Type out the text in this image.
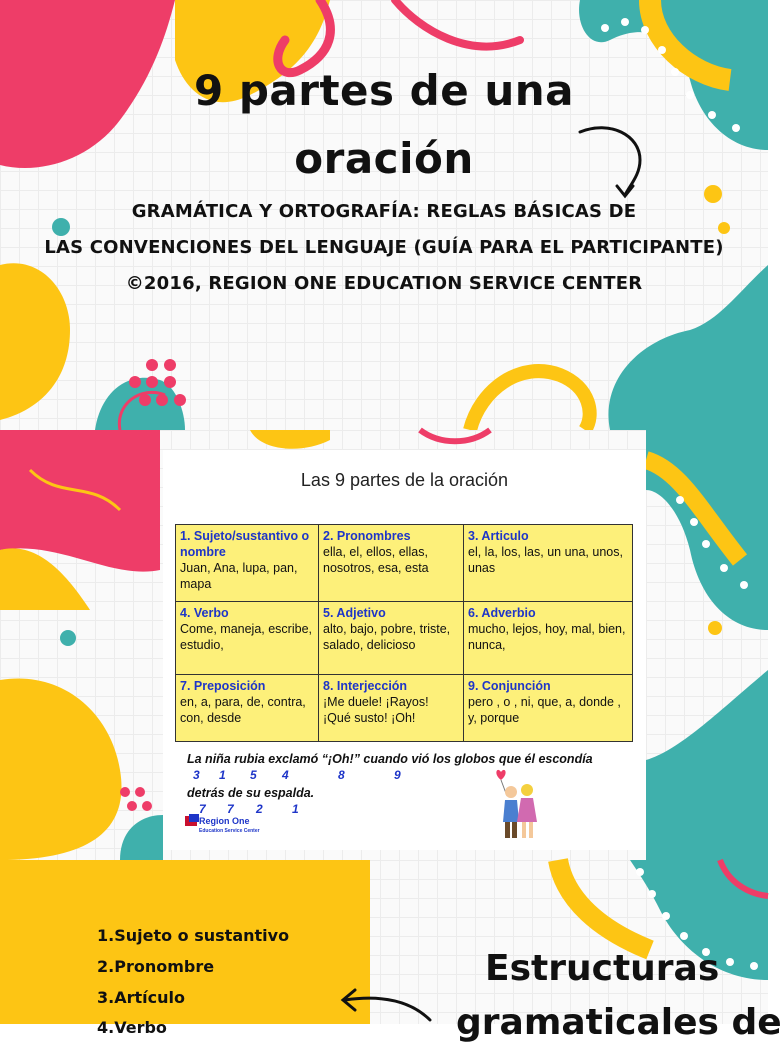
9 partes de una
oración
GRAMÁTICA Y ORTOGRAFÍA: REGLAS BÁSICAS DE
LAS CONVENCIONES DEL LENGUAJE (GUÍA PARA EL PARTICIPANTE)
©2016, REGION ONE EDUCATION SERVICE CENTER
Las 9 partes de la oración
1. Sujeto/sustantivo o nombre
Juan, Ana, lupa, pan, mapa	2. Pronombres
ella, el, ellos, ellas, nosotros, esa, esta	3. Articulo
el, la, los, las, un una, unos, unas

4. Verbo
Come, maneja, escribe, estudio,	5. Adjetivo
alto, bajo, pobre, triste, salado, delicioso	6. Adverbio
mucho, lejos, hoy, mal, bien, nunca,

7. Preposición
en, a, para, de, contra, con, desde	8. Interjección
¡Me duele! ¡Rayos! ¡Qué susto! ¡Oh!	9. Conjunción
pero , o , ni, que, a, donde , y, porque
La niña rubia exclamó “¡Oh!” cuando vió los globos que él escondía
3 1 5 4	8	9
detrás de su espalda.
7 7 2 1
Region One
Education Service Center
1.Sujeto o sustantivo
2.Pronombre
3.Artículo
4.Verbo
Estructuras
gramaticales de
